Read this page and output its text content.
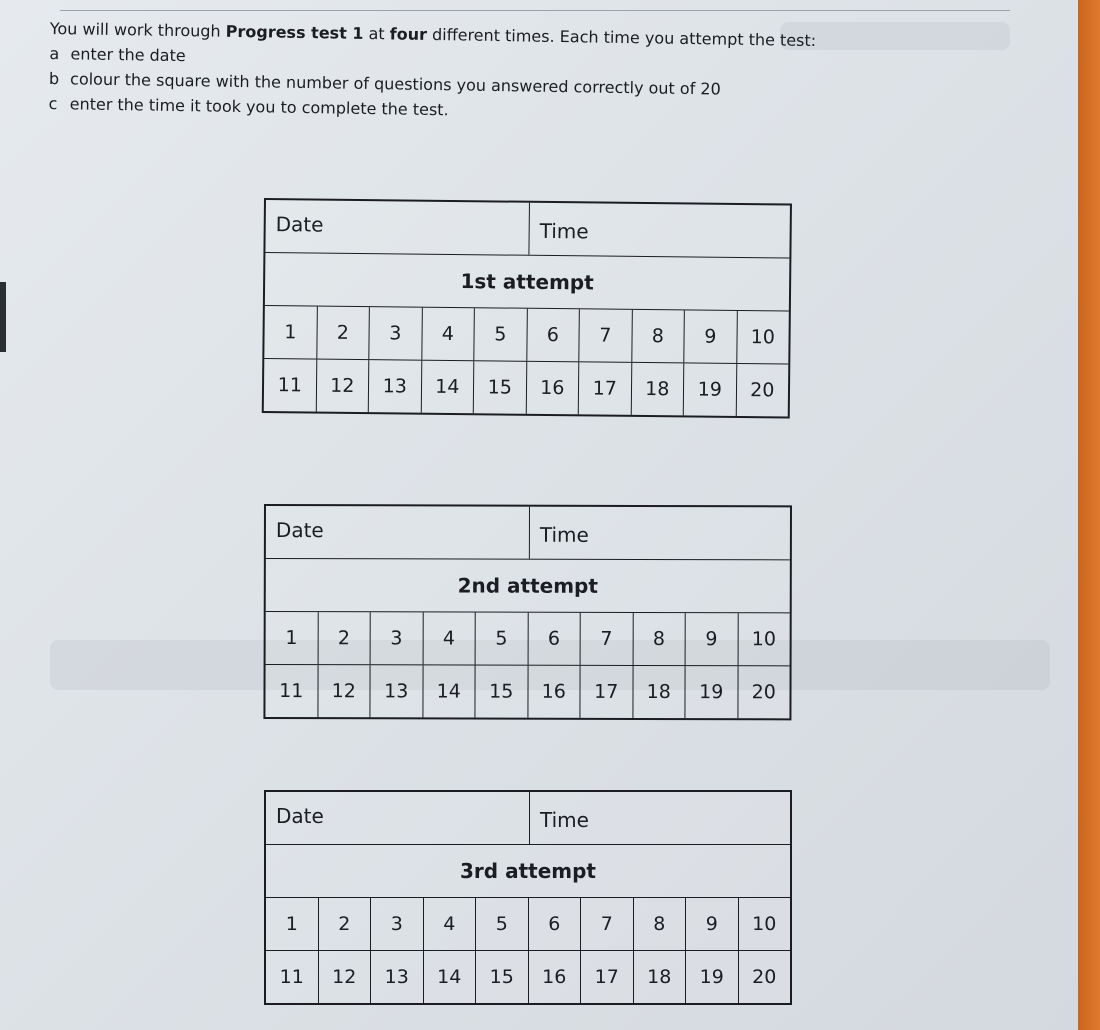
You will work through Progress test 1 at four different times. Each time you attempt the test:
a enter the date
b colour the square with the number of questions you answered correctly out of 20
c enter the time it took you to complete the test.
Date	Time
1st attempt
1	2	3	4	5	6	7	8	9	10
11	12	13	14	15	16	17	18	19	20
Date	Time
2nd attempt
1	2	3	4	5	6	7	8	9	10
11	12	13	14	15	16	17	18	19	20
Date	Time
3rd attempt
1	2	3	4	5	6	7	8	9	10
11	12	13	14	15	16	17	18	19	20
